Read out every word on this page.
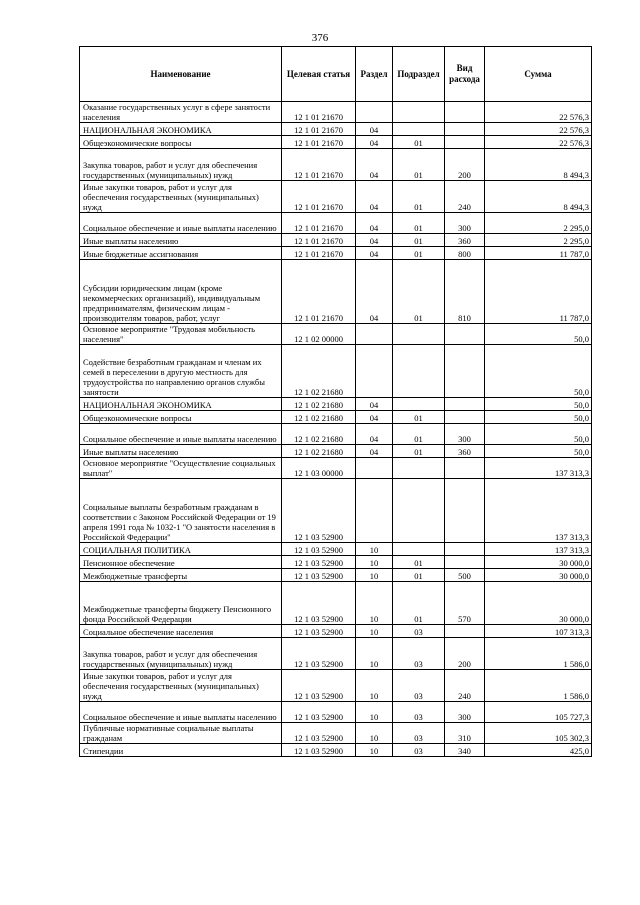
376
Наименование	Целевая статья	Раздел	Подраздел	Вид расхода	Сумма
Оказание государственных услуг в сфере занятости населения	12 1 01 21670				22 576,3
НАЦИОНАЛЬНАЯ ЭКОНОМИКА	12 1 01 21670	04			22 576,3
Общеэкономические вопросы	12 1 01 21670	04	01		22 576,3
Закупка товаров, работ и услуг для обеспечения государственных (муниципальных) нужд	12 1 01 21670	04	01	200	8 494,3
Иные закупки товаров, работ и услуг для обеспечения государственных (муниципальных) нужд	12 1 01 21670	04	01	240	8 494,3
Социальное обеспечение и иные выплаты населению	12 1 01 21670	04	01	300	2 295,0
Иные выплаты населению	12 1 01 21670	04	01	360	2 295,0
Иные бюджетные ассигнования	12 1 01 21670	04	01	800	11 787,0
Субсидии юридическим лицам (кроме некоммерческих организаций), индивидуальным предпринимателям, физическим лицам - производителям товаров, работ, услуг	12 1 01 21670	04	01	810	11 787,0
Основное мероприятие "Трудовая мобильность населения"	12 1 02 00000				50,0
Содействие безработным гражданам и членам их семей в переселении в другую местность для трудоустройства по направлению органов службы занятости	12 1 02 21680				50,0
НАЦИОНАЛЬНАЯ ЭКОНОМИКА	12 1 02 21680	04			50,0
Общеэкономические вопросы	12 1 02 21680	04	01		50,0
Социальное обеспечение и иные выплаты населению	12 1 02 21680	04	01	300	50,0
Иные выплаты населению	12 1 02 21680	04	01	360	50,0
Основное мероприятие "Осуществление социальных выплат"	12 1 03 00000				137 313,3
Социальные выплаты безработным гражданам в соответствии с Законом Российской Федерации от 19 апреля 1991 года № 1032-1 "О занятости населения в Российской Федерации"	12 1 03 52900				137 313,3
СОЦИАЛЬНАЯ ПОЛИТИКА	12 1 03 52900	10			137 313,3
Пенсионное обеспечение	12 1 03 52900	10	01		30 000,0
Межбюджетные трансферты	12 1 03 52900	10	01	500	30 000,0
Межбюджетные трансферты бюджету Пенсионного фонда Российской Федерации	12 1 03 52900	10	01	570	30 000,0
Социальное обеспечение населения	12 1 03 52900	10	03		107 313,3
Закупка товаров, работ и услуг для обеспечения государственных (муниципальных) нужд	12 1 03 52900	10	03	200	1 586,0
Иные закупки товаров, работ и услуг для обеспечения государственных (муниципальных) нужд	12 1 03 52900	10	03	240	1 586,0
Социальное обеспечение и иные выплаты населению	12 1 03 52900	10	03	300	105 727,3
Публичные нормативные социальные выплаты гражданам	12 1 03 52900	10	03	310	105 302,3
Стипендии	12 1 03 52900	10	03	340	425,0
